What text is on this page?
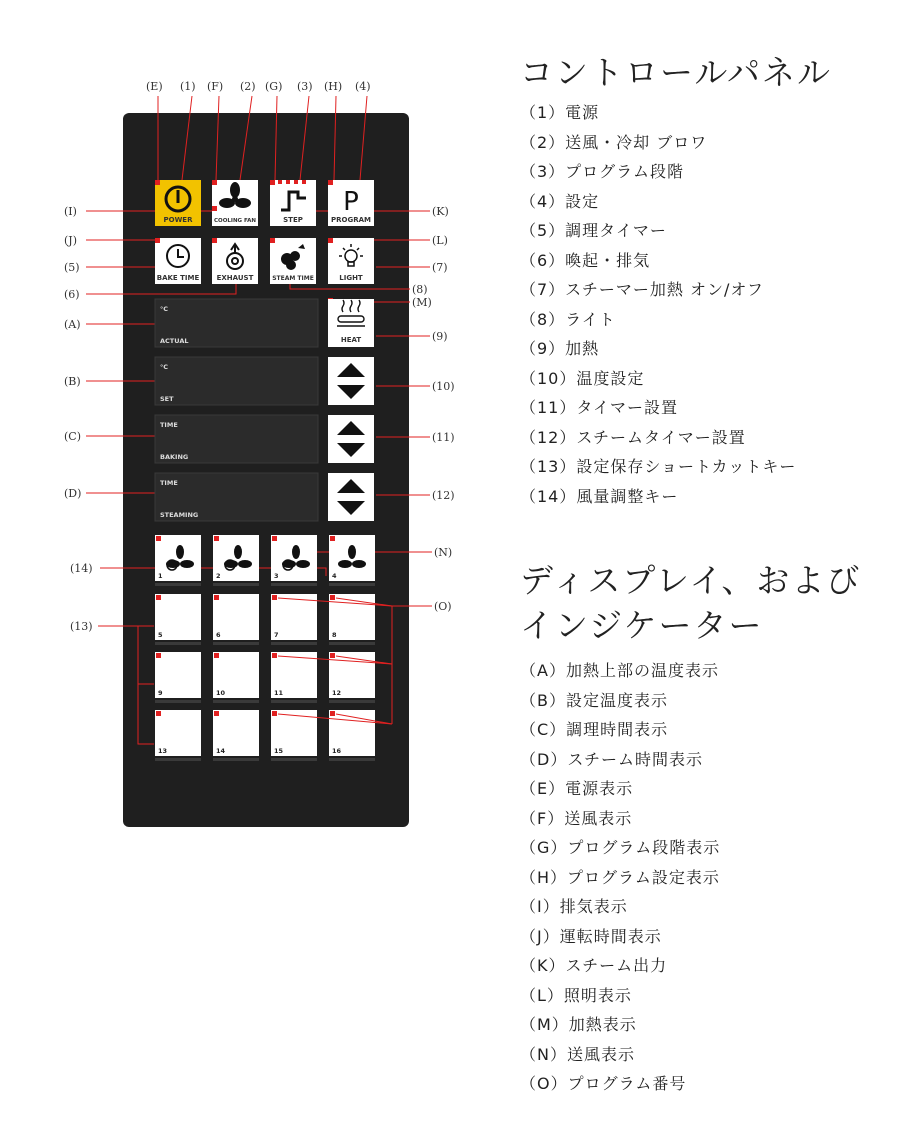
(E) (1) (F) (2) (G) (3) (H) (4)
(I)
(J)
(5)
(6)
(A)
(B)
(C)
(D)
(14)
(13)
(K)
(L)
(7)
(8)
(M)
(9)
(10)
(11)
(12)
(N)
(O)
POWER	COOLING FAN	STEP
P
PROGRAM
BAKE TIME EXHAUST	STEAM TIME	LIGHT
°C
ACTUAL
°C
SET
TIME
BAKING
TIME
STEAMING
HEAT
1	2	3	4
5	6	7	8
9	10	11	12
13	14	15	16
コントロールパネル
（1）電源
（2）送風・冷却 ブロワ
（3）プログラム段階
（4）設定
（5）調理タイマー
（6）喚起・排気
（7）スチーマー加熱 オン/オフ
（8）ライト
（9）加熱
（10）温度設定
（11）タイマー設置
（12）スチームタイマー設置
（13）設定保存ショートカットキー
（14）風量調整キー
ディスプレイ、および
インジケーター
（A）加熱上部の温度表示
（B）設定温度表示
（C）調理時間表示
（D）スチーム時間表示
（E）電源表示
（F）送風表示
（G）プログラム段階表示
（H）プログラム設定表示
（I）排気表示
（J）運転時間表示
（K）スチーム出力
（L）照明表示
（M）加熱表示
（N）送風表示
（O）プログラム番号
